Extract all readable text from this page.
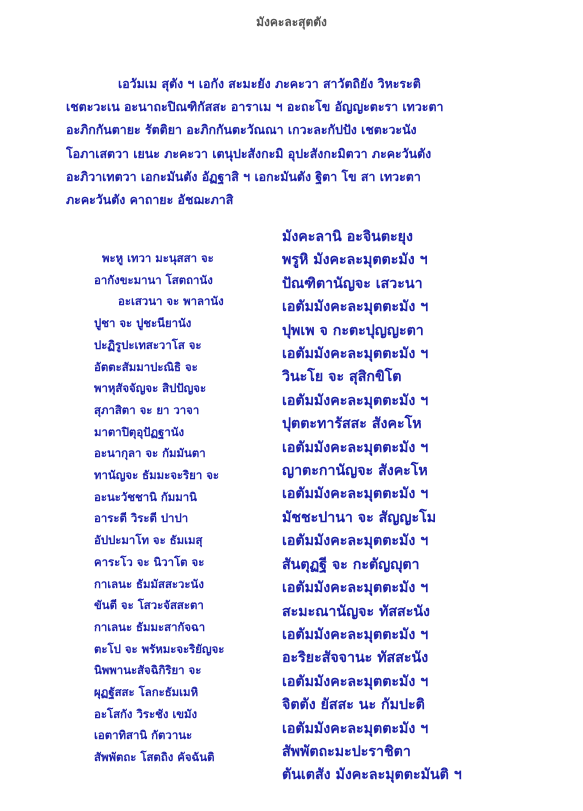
มังคะละสุตตัง
เอวัมเม สุตัง ฯ เอกัง สะมะยัง ภะคะวา สาวัตถิยัง วิหะระติ
เชตะวะเน อะนาถะปิณฑิกัสสะ อาราเม ฯ อะถะโข อัญญะตะรา เทวะตา
อะภิกกันตายะ รัตติยา อะภิกกันตะวัณณา เกวะละกัปปัง เชตะวะนัง
โอภาเสตวา เยนะ ภะคะวา เตนุปะสังกะมิ อุปะสังกะมิตวา ภะคะวันตัง
อะภิวาเทตวา เอกะมันตัง อัฏฐาสิ ฯ เอกะมันตัง ฐิตา โข สา เทวะตา
ภะคะวันตัง คาถายะ อัชฌะภาสิ
พะหู เทวา มะนุสสา จะ
อากังขะมานา โสตถานัง
อะเสวนา จะ พาลานัง
ปูชา จะ ปูชะนียานัง
ปะฏิรูปะเทสะวาโส จะ
อัตตะสัมมาปะณิธิ จะ
พาหุสัจจัญจะ สิปปัญจะ
สุภาสิตา จะ ยา วาจา
มาตาปิตุอุปัฏฐานัง
อะนากุลา จะ กัมมันตา
ทานัญจะ ธัมมะจะริยา จะ
อะนะวัชชานิ กัมมานิ
อาระตี วิระตี ปาปา
อัปปะมาโท จะ ธัมเมสุ
คาระโว จะ นิวาโต จะ
กาเลนะ ธัมมัสสะวะนัง
ขันตี จะ โสวะจัสสะตา
กาเลนะ ธัมมะสากัจฉา
ตะโป จะ พรัหมะจะริยัญจะ
นิพพานะสัจฉิกิริยา จะ
ผุฏฐัสสะ โลกะธัมเมหิ
อะโสกัง วิระชัง เขมัง
เอตาทิสานิ กัตวานะ
สัพพัตถะ โสตถิง คัจฉันติ
มังคะลานิ อะจินตะยุง
พรูหิ มังคะละมุตตะมัง ฯ
ปัณฑิตานัญจะ เสวะนา
เอตัมมังคะละมุตตะมัง ฯ
ปุพเพ จ กะตะปุญญะตา
เอตัมมังคะละมุตตะมัง ฯ
วินะโย จะ สุสิกขิโต
เอตัมมังคะละมุตตะมัง ฯ
ปุตตะทารัสสะ สังคะโห
เอตัมมังคะละมุตตะมัง ฯ
ญาตะกานัญจะ สังคะโห
เอตัมมังคะละมุตตะมัง ฯ
มัชชะปานา จะ สัญญะโม
เอตัมมังคะละมุตตะมัง ฯ
สันตุฏฐี จะ กะตัญญุตา
เอตัมมังคะละมุตตะมัง ฯ
สะมะณานัญจะ ทัสสะนัง
เอตัมมังคะละมุตตะมัง ฯ
อะริยะสัจจานะ ทัสสะนัง
เอตัมมังคะละมุตตะมัง ฯ
จิตตัง ยัสสะ นะ กัมปะติ
เอตัมมังคะละมุตตะมัง ฯ
สัพพัตถะมะปะราชิตา
ตันเตสัง มังคะละมุตตะมันติ ฯ
